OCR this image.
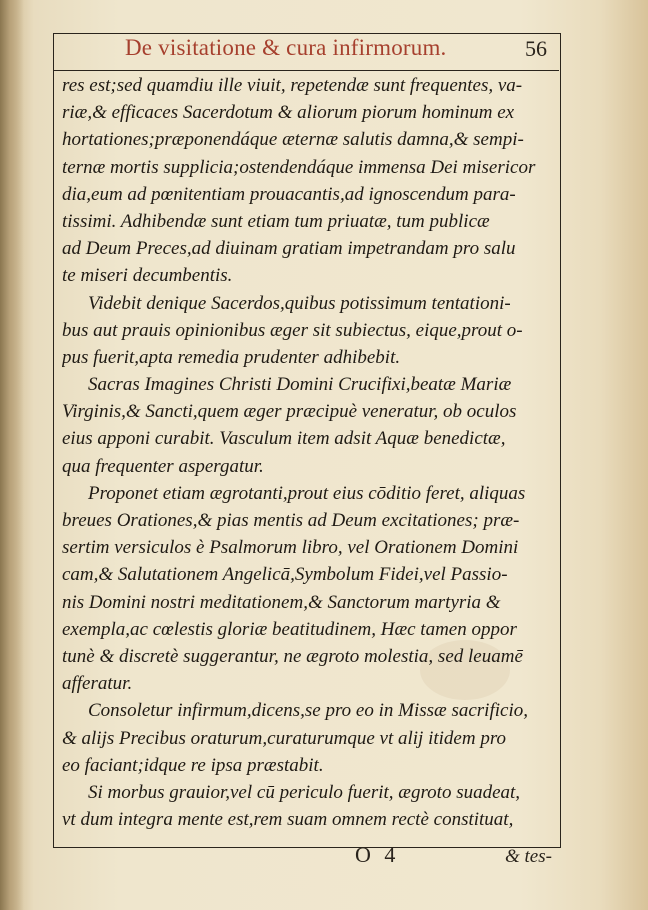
De visitatione & cura infirmorum.	56
res est;sed quamdiu ille viuit, repetendæ sunt frequentes, va-
riæ,& efficaces Sacerdotum & aliorum piorum hominum ex
hortationes;præponendáque æternæ salutis damna,& sempi-
ternæ mortis supplicia;ostendendáque immensa Dei misericor
dia,eum ad pœnitentiam prouacantis,ad ignoscendum para-
tissimi. Adhibendæ sunt etiam tum priuatæ, tum publicæ
ad Deum Preces,ad diuinam gratiam impetrandam pro salu
te miseri decumbentis.
Videbit denique Sacerdos,quibus potissimum tentationi-
bus aut prauis opinionibus æger sit subiectus, eique,prout o-
pus fuerit,apta remedia prudenter adhibebit.
Sacras Imagines Christi Domini Crucifixi,beatæ Mariæ
Virginis,& Sancti,quem æger præcipuè veneratur, ob oculos
eius apponi curabit. Vasculum item adsit Aquæ benedictæ,
qua frequenter aspergatur.
Proponet etiam ægrotanti,prout eius cōditio feret, aliquas
breues Orationes,& pias mentis ad Deum excitationes; præ-
sertim versiculos è Psalmorum libro, vel Orationem Domini
cam,& Salutationem Angelicā,Symbolum Fidei,vel Passio-
nis Domini nostri meditationem,& Sanctorum martyria &
exempla,ac cœlestis gloriæ beatitudinem, Hæc tamen oppor
tunè & discretè suggerantur, ne ægroto molestia, sed leuamē
afferatur.
Consoletur infirmum,dicens,se pro eo in Missæ sacrificio,
& alijs Precibus oraturum,curaturumque vt alij itidem pro
eo faciant;idque re ipsa præstabit.
Si morbus grauior,vel cū periculo fuerit, ægroto suadeat,
vt dum integra mente est,rem suam omnem rectè constituat,
O 4	& tes-
